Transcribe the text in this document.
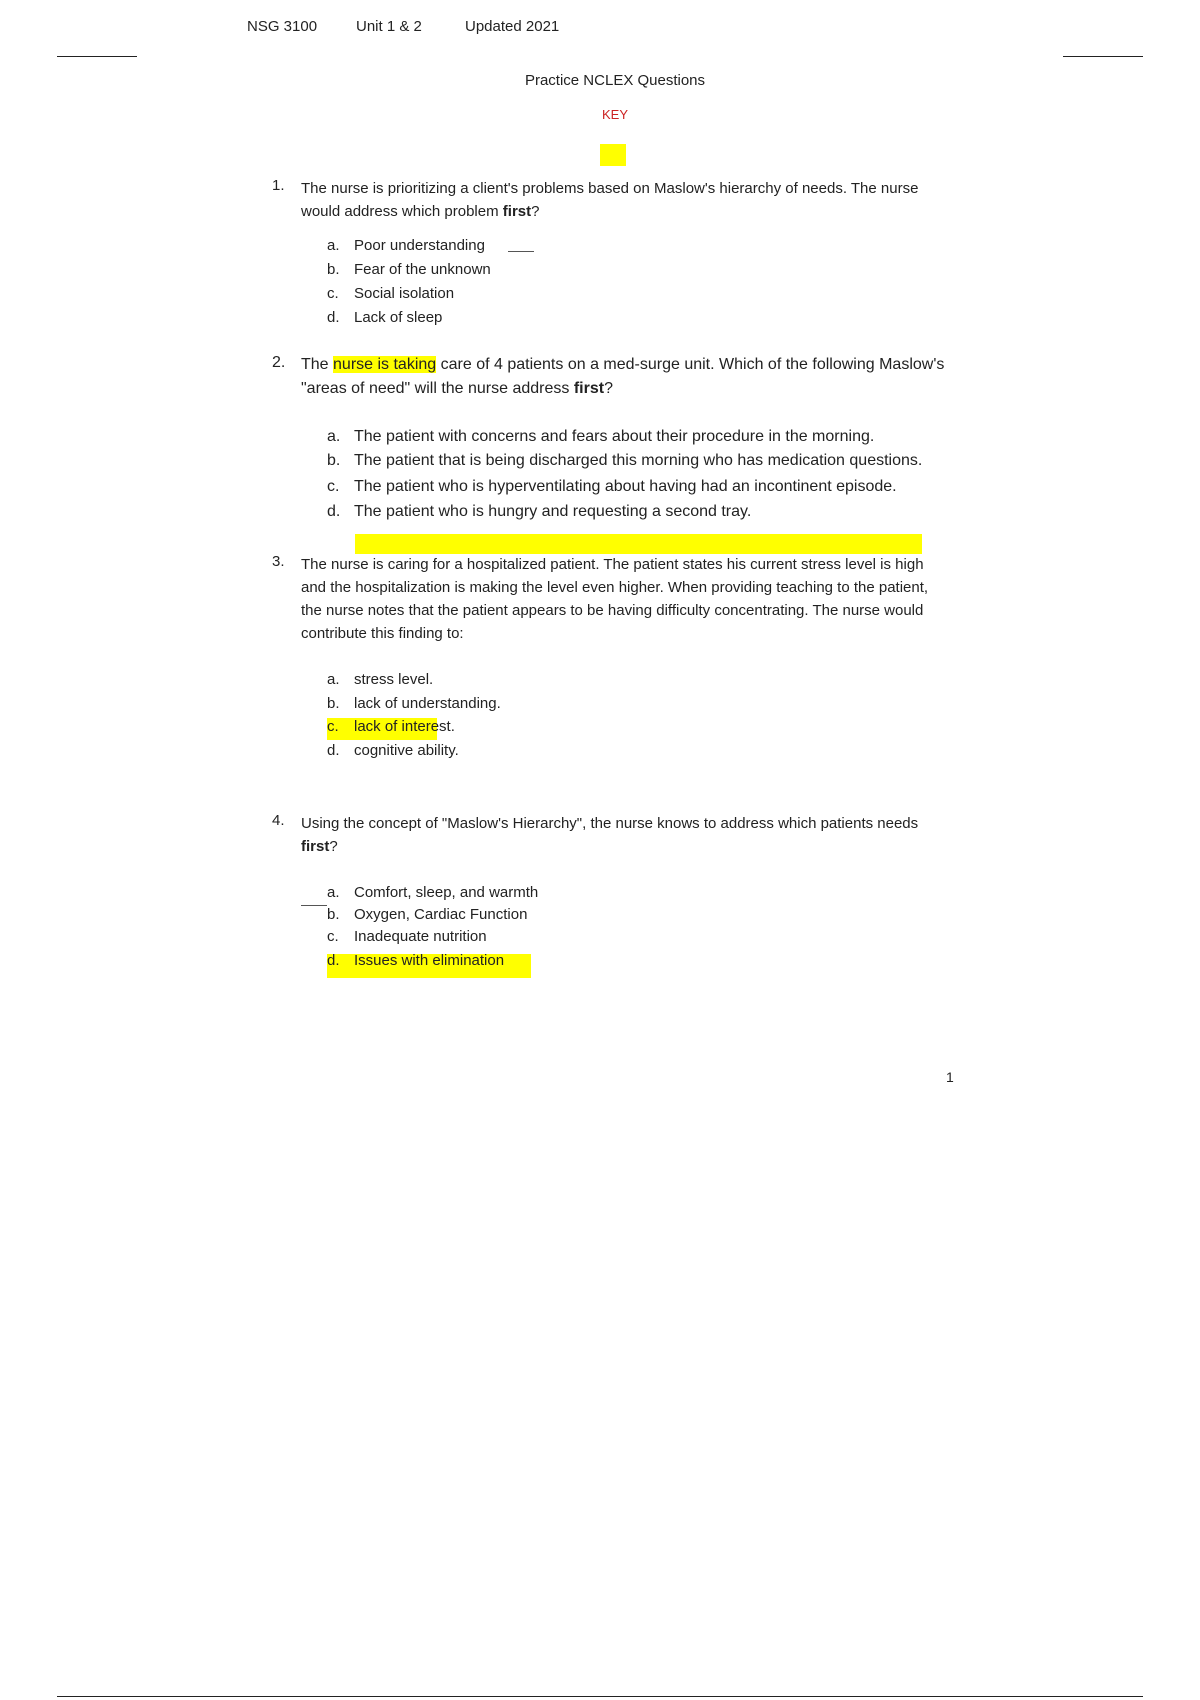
NSG 3100	Unit 1 & 2	Updated 2021
Practice NCLEX Questions
KEY
1.	The nurse is prioritizing a client's problems based on Maslow's hierarchy of needs. The nurse would address which problem first?
a. Poor understanding
b. Fear of the unknown
c.	Social isolation
d. Lack of sleep
2. The nurse is taking care of 4 patients on a med-surge unit. Which of the following Maslow's "areas of need" will the nurse address first?
a. The patient with concerns and fears about their procedure in the morning.
b. The patient that is being discharged this morning who has medication questions.
c. The patient who is hyperventilating about having had an incontinent episode.
d. The patient who is hungry and requesting a second tray.
3.	The nurse is caring for a hospitalized patient. The patient states his current stress level is high and the hospitalization is making the level even higher. When providing teaching to the patient, the nurse notes that the patient appears to be having difficulty concentrating. The nurse would contribute this finding to:
a. stress level.
b. lack of understanding.
c.	lack of interest.
d. cognitive ability.
4.	Using the concept of "Maslow's Hierarchy", the nurse knows to address which patients needs first?
a. Comfort, sleep, and warmth
b. Oxygen, Cardiac Function
c.	Inadequate nutrition
d. Issues with elimination
1
